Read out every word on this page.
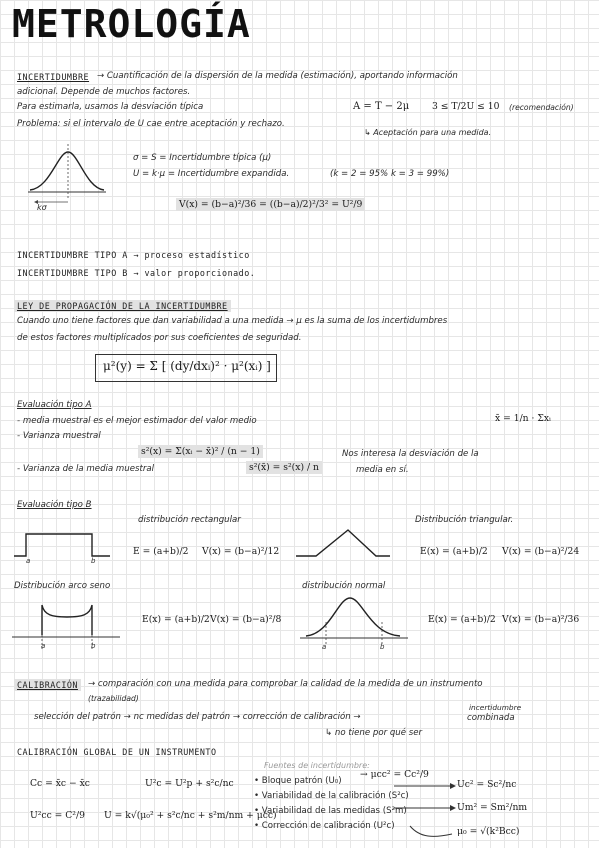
METROLOGÍA
INCERTIDUMBRE → Cuantificación de la dispersión de la medida (estimación), aportando información
adicional. Depende de muchos factores.
Para estimarla, usamos la desviación típica
Problema: si el intervalo de U cae entre aceptación y rechazo.
A = T − 2μ 3 ≤ T/2U ≤ 10 (recomendación)
↳ Aceptación para una medida.
kσ
σ = S = Incertidumbre típica (μ)
U = k·μ = Incertidumbre expandida.	(k = 2 = 95% k = 3 = 99%)
V(x) = (b−a)²/36 = ((b−a)/2)²/3² = U²/9
INCERTIDUMBRE TIPO A → proceso estadístico
INCERTIDUMBRE TIPO B → valor proporcionado.
LEY DE PROPAGACIÓN DE LA INCERTIDUMBRE
Cuando uno tiene factores que dan variabilidad a una medida → μ es la suma de los incertidumbres
de estos factores multiplicados por sus coeficientes de seguridad.
μ²(y) = Σ [ (dy/dxᵢ)² · μ²(xᵢ) ]
Evaluación tipo A
- media muestral es el mejor estimador del valor medio	x̄ = 1/n · Σxᵢ
- Varianza muestral
s²(x) = Σ(xᵢ − x̄)² / (n − 1)
- Varianza de la media muestral	s²(x̄) = s²(x) / n
Nos interesa la desviación de la
media en sí.
Evaluación tipo B
distribución rectangular
a	b
E = (a+b)/2 V(x) = (b−a)²/12
Distribución triangular.
E(x) = (a+b)/2 V(x) = (b−a)²/24
Distribución arco seno
a	b
E(x) = (a+b)/2 V(x) = (b−a)²/8
distribución normal
a	b
E(x) = (a+b)/2 V(x) = (b−a)²/36
CALIBRACIÓN	→ comparación con una medida para comprobar la calidad de la medida de un instrumento
(trazabilidad)
selección del patrón → nc medidas del patrón → corrección de calibración →
incertidumbre
combinada
↳ no tiene por qué ser
CALIBRACIÓN GLOBAL DE UN INSTRUMENTO
Cc = x̄c − x̄c	U²c = U²p + s²c/nc
U²cc = C²/9 U = k√(μ₀² + s²c/nc + s²m/nm + μcc)
Fuentes de incertidumbre:
• Bloque patrón (U₀)
• Variabilidad de la calibración (S²c)
• Variabilidad de las medidas (S²m)
• Corrección de calibración (U²c)
→ μcc² = Cc²/9
Uc² = Sc²/nc
Um² = Sm²/nm
μ₀ = √(k²Bcc)
